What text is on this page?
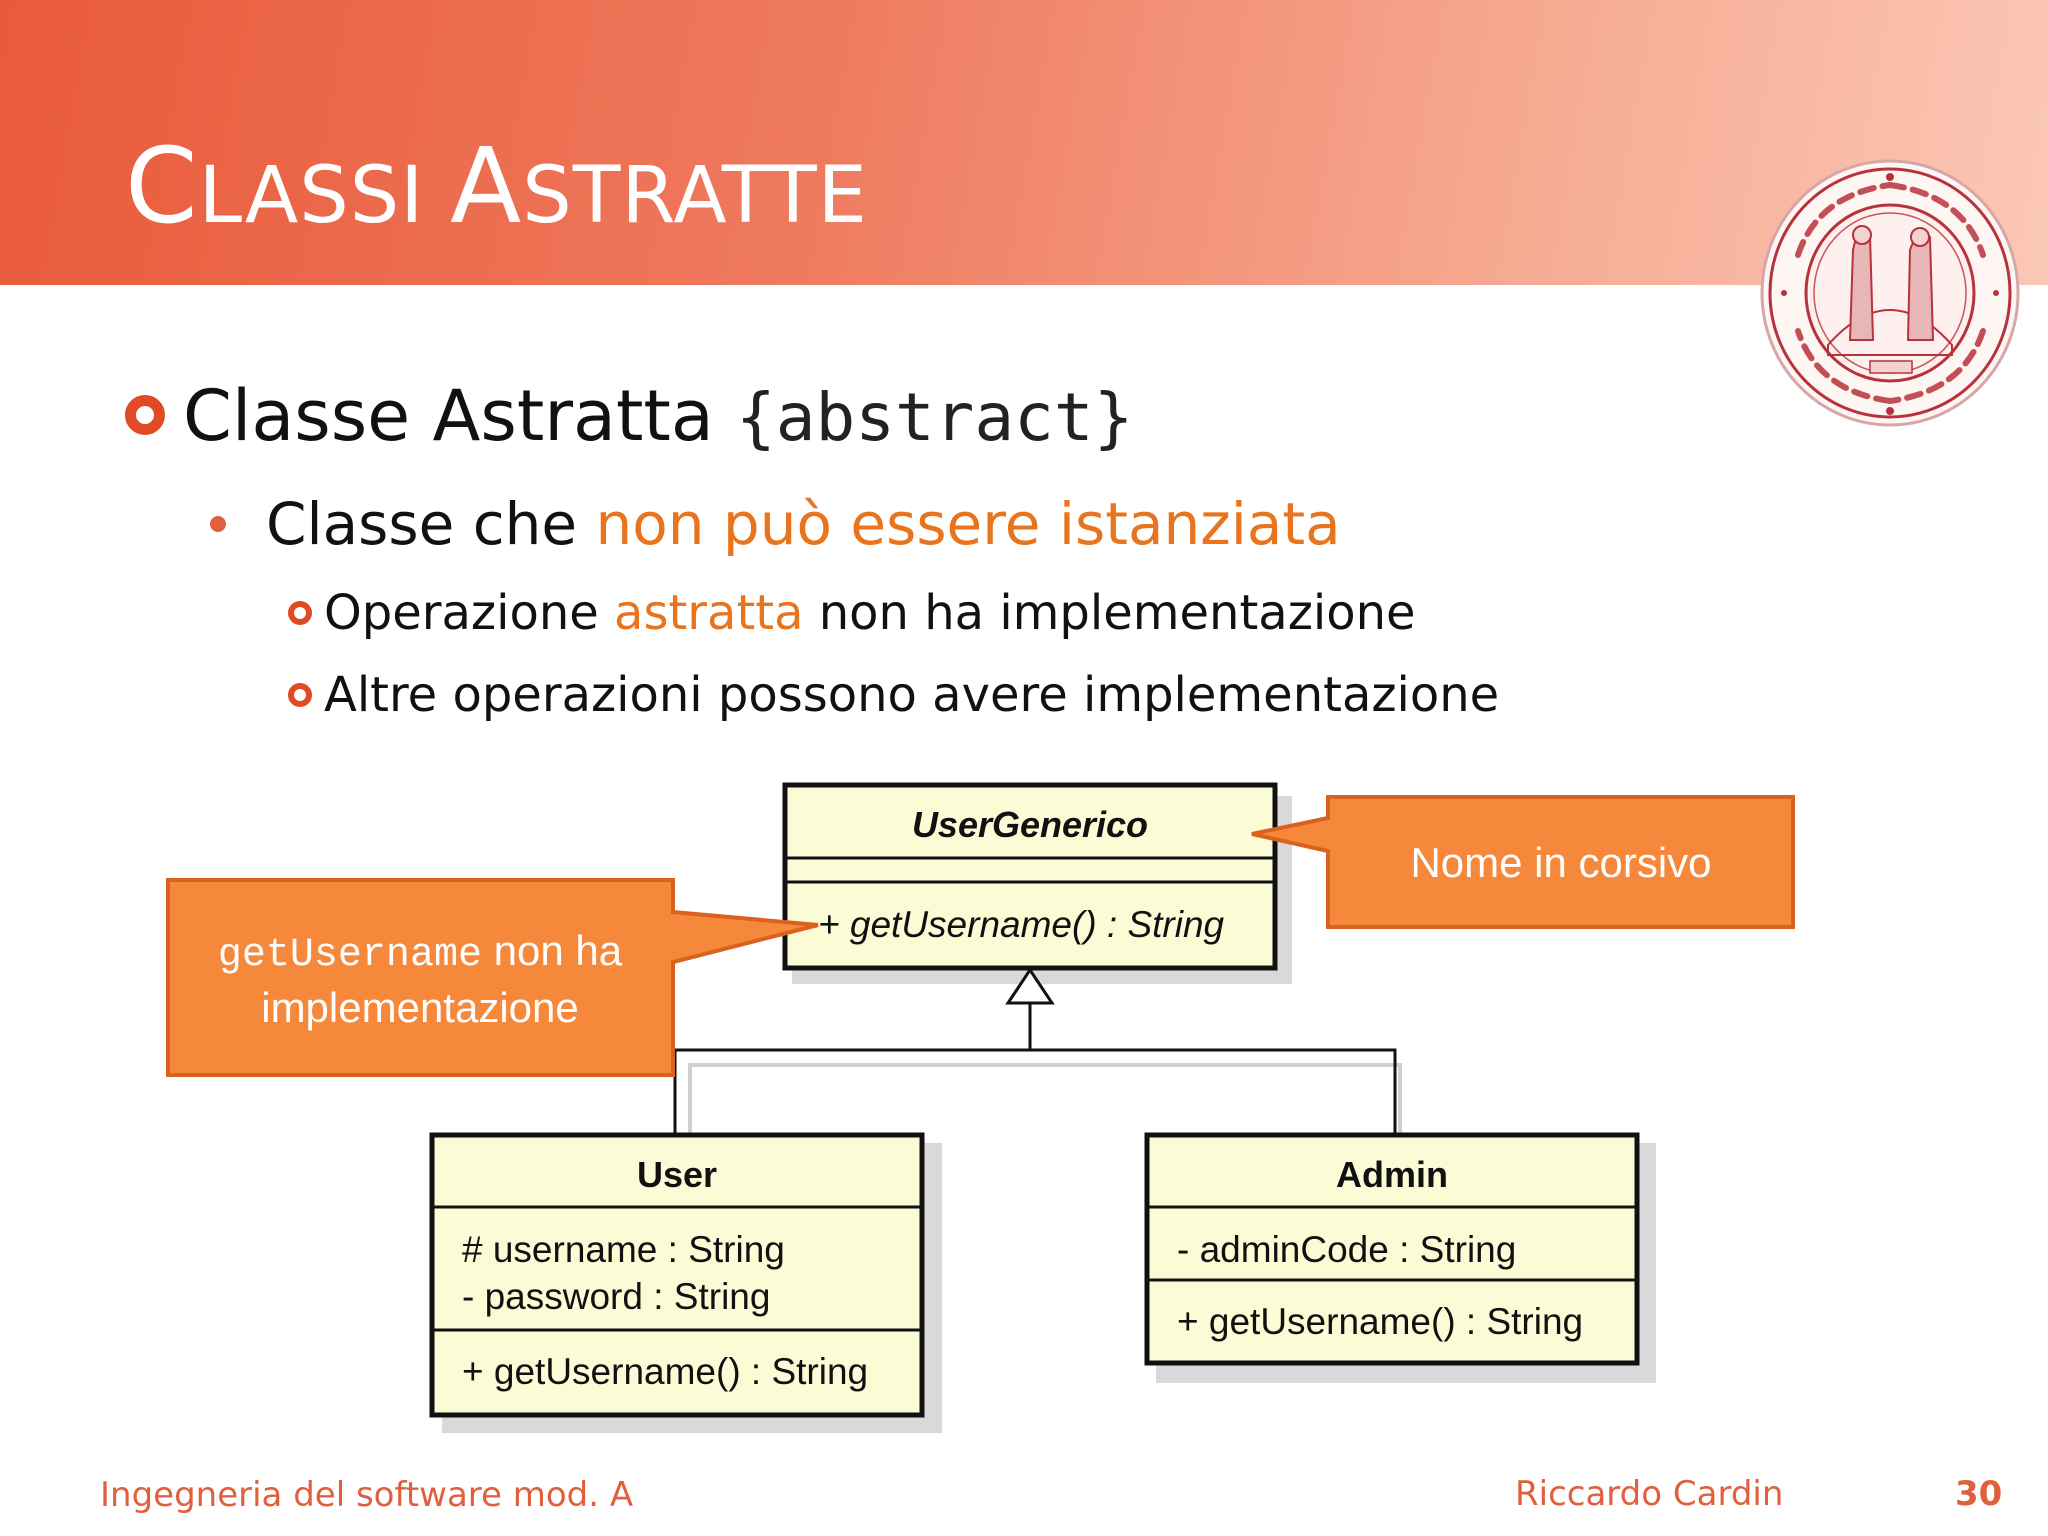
CLASSI ASTRATTE
Classe Astratta {abstract}
Classe che non può essere istanziata
Operazione astratta non ha implementazione
Altre operazioni possono avere implementazione
UserGenerico
+ getUsername() : String
User
# username : String
- password : String
+ getUsername() : String
Admin
- adminCode : String
+ getUsername() : String
getUsername non ha
implementazione
Nome in corsivo
Ingegneria del software mod. A	Riccardo Cardin	30
